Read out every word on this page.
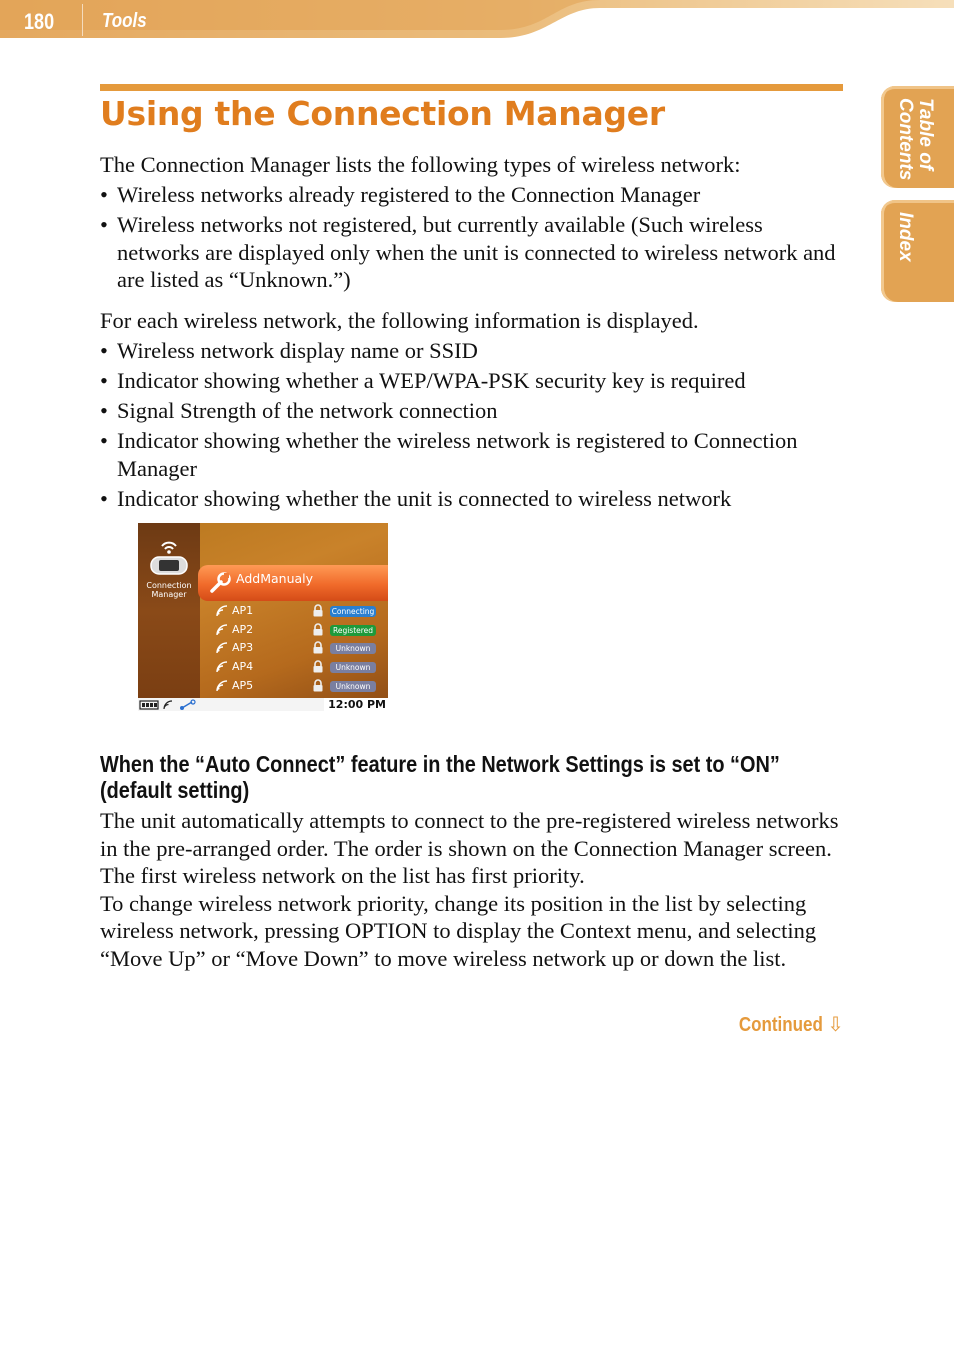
180 Tools
Table of Contents
Index
Using the Connection Manager

The Connection Manager lists the following types of wireless network:

• Wireless networks already registered to the Connection Manager
• Wireless networks not registered, but currently available (Such wireless networks are displayed only when the unit is connected to wireless network and are listed as “Unknown.”)

For each wireless network, the following information is displayed.

• Wireless network display name or SSID
• Indicator showing whether a WEP/WPA-PSK security key is required
• Signal Strength of the network connection
• Indicator showing whether the wireless network is registered to Connection Manager
• Indicator showing whether the unit is connected to wireless network
Connection
Manager
AddManualy
AP1	Connecting
AP2	Registered
AP3	Unknown
AP4	Unknown
AP5	Unknown
12:00 PM
When the “Auto Connect” feature in the Network Settings is set to “ON” (default setting)

The unit automatically attempts to connect to the pre-registered wireless networks in the pre-arranged order. The order is shown on the Connection Manager screen. The first wireless network on the list has first priority.

To change wireless network priority, change its position in the list by selecting wireless network, pressing OPTION to display the Context menu, and selecting “Move Up” or “Move Down” to move wireless network up or down the list.

Continued ⇩
